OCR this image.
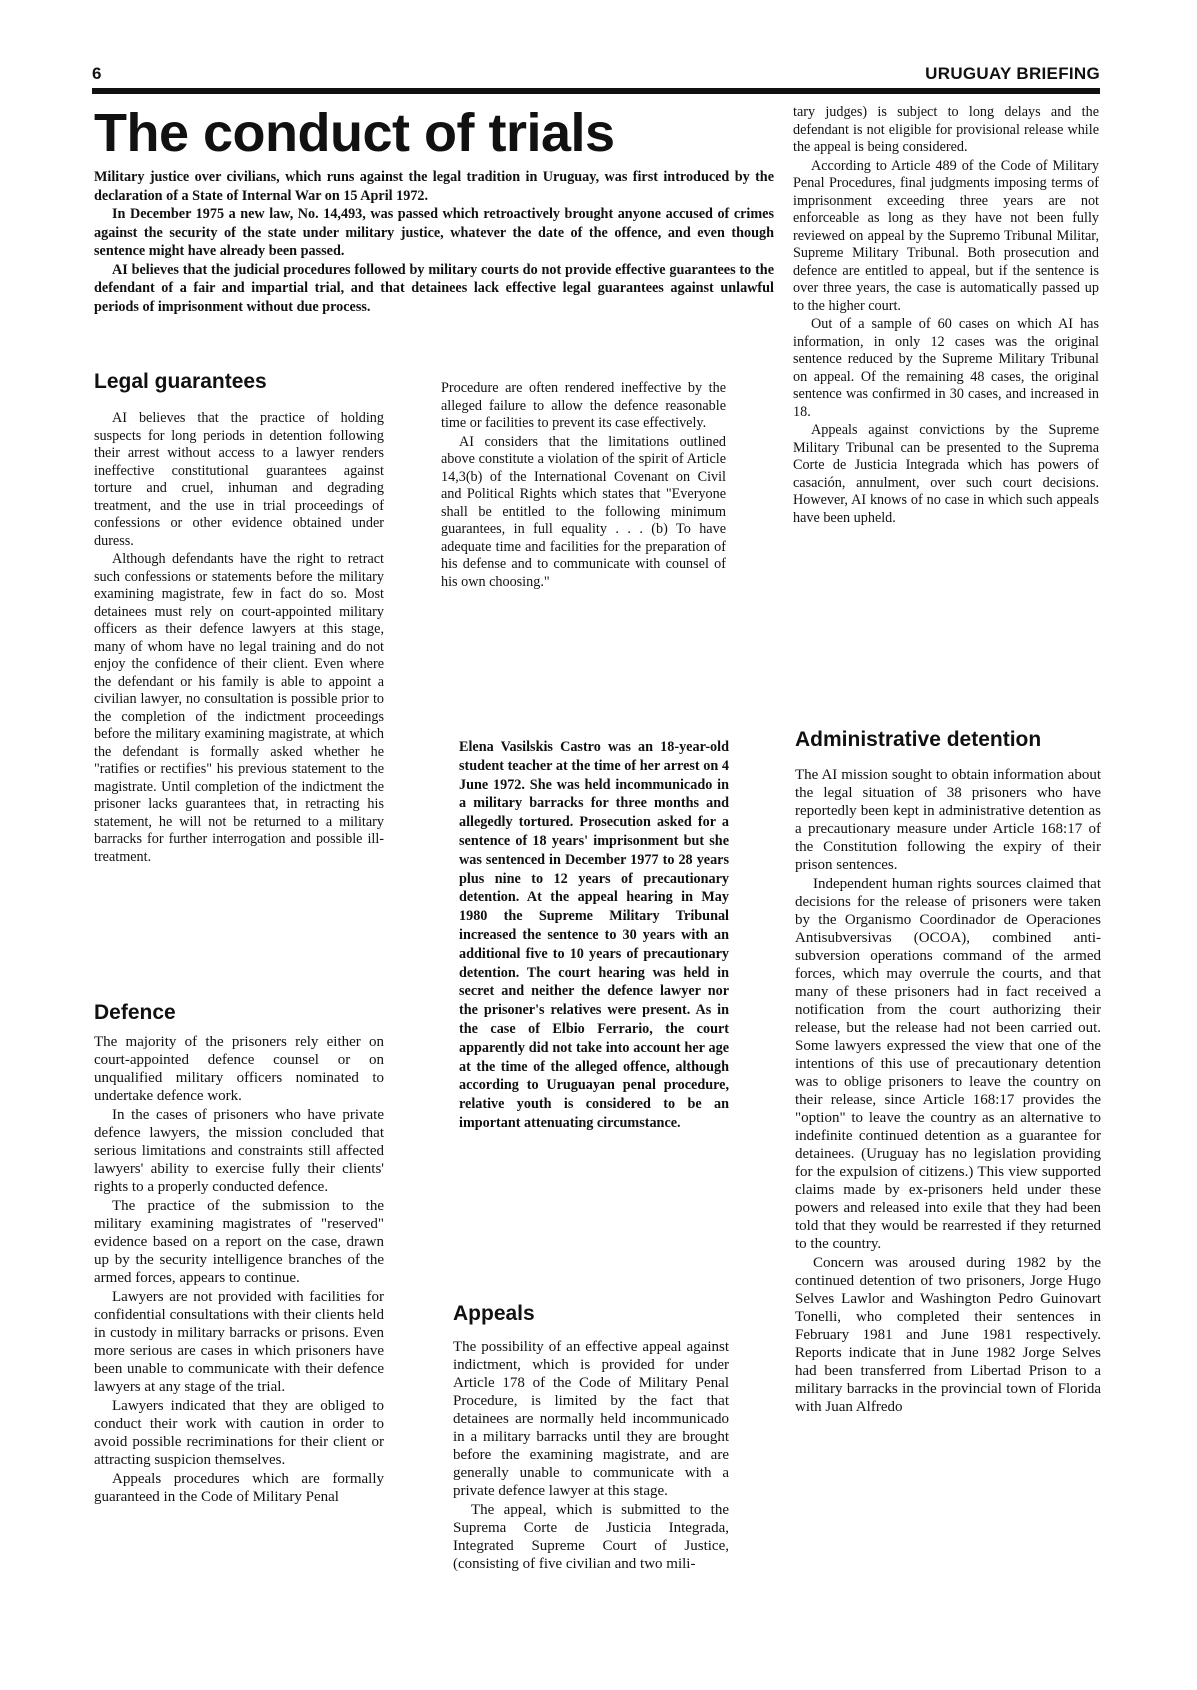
6	URUGUAY BRIEFING
The conduct of trials

Military justice over civilians, which runs against the legal tradition in Uruguay, was first introduced by the declaration of a State of Internal War on 15 April 1972.

In December 1975 a new law, No. 14,493, was passed which retroactively brought anyone accused of crimes against the security of the state under military justice, whatever the date of the offence, and even though sentence might have already been passed.

AI believes that the judicial procedures followed by military courts do not provide effective guarantees to the defendant of a fair and impartial trial, and that detainees lack effective legal guarantees against unlawful periods of imprisonment without due process.

Legal guarantees

AI believes that the practice of holding suspects for long periods in detention following their arrest without access to a lawyer renders ineffective constitutional guarantees against torture and cruel, inhuman and degrading treatment, and the use in trial proceedings of confessions or other evidence obtained under duress.

Although defendants have the right to retract such confessions or statements before the military examining magistrate, few in fact do so. Most detainees must rely on court-appointed military officers as their defence lawyers at this stage, many of whom have no legal training and do not enjoy the confidence of their client. Even where the defendant or his family is able to appoint a civilian lawyer, no consultation is possible prior to the completion of the indictment proceedings before the military examining magistrate, at which the defendant is formally asked whether he "ratifies or rectifies" his previous statement to the magistrate. Until completion of the indictment the prisoner lacks guarantees that, in retracting his statement, he will not be returned to a military barracks for further interrogation and possible ill-treatment.

Defence

The majority of the prisoners rely either on court-appointed defence counsel or on unqualified military officers nominated to undertake defence work.

In the cases of prisoners who have private defence lawyers, the mission concluded that serious limitations and constraints still affected lawyers' ability to exercise fully their clients' rights to a properly conducted defence.

The practice of the submission to the military examining magistrates of "reserved" evidence based on a report on the case, drawn up by the security intelligence branches of the armed forces, appears to continue.

Lawyers are not provided with facilities for confidential consultations with their clients held in custody in military barracks or prisons. Even more serious are cases in which prisoners have been unable to communicate with their defence lawyers at any stage of the trial.

Lawyers indicated that they are obliged to conduct their work with caution in order to avoid possible recriminations for their client or attracting suspicion themselves.

Appeals procedures which are formally guaranteed in the Code of Military Penal

Procedure are often rendered ineffective by the alleged failure to allow the defence reasonable time or facilities to prevent its case effectively.

AI considers that the limitations outlined above constitute a violation of the spirit of Article 14,3(b) of the International Covenant on Civil and Political Rights which states that "Everyone shall be entitled to the following minimum guarantees, in full equality . . . (b) To have adequate time and facilities for the preparation of his defense and to communicate with counsel of his own choosing."

Elena Vasilskis Castro was an 18-year-old student teacher at the time of her arrest on 4 June 1972. She was held incommunicado in a military barracks for three months and allegedly tortured. Prosecution asked for a sentence of 18 years' imprisonment but she was sentenced in December 1977 to 28 years plus nine to 12 years of precautionary detention. At the appeal hearing in May 1980 the Supreme Military Tribunal increased the sentence to 30 years with an additional five to 10 years of precautionary detention. The court hearing was held in secret and neither the defence lawyer nor the prisoner's relatives were present. As in the case of Elbio Ferrario, the court apparently did not take into account her age at the time of the alleged offence, although according to Uruguayan penal procedure, relative youth is considered to be an important attenuating circumstance.
Appeals

The possibility of an effective appeal against indictment, which is provided for under Article 178 of the Code of Military Penal Procedure, is limited by the fact that detainees are normally held incommunicado in a military barracks until they are brought before the examining magistrate, and are generally unable to communicate with a private defence lawyer at this stage.

The appeal, which is submitted to the Suprema Corte de Justicia Integrada, Integrated Supreme Court of Justice, (consisting of five civilian and two mili-

tary judges) is subject to long delays and the defendant is not eligible for provisional release while the appeal is being considered.

According to Article 489 of the Code of Military Penal Procedures, final judgments imposing terms of imprisonment exceeding three years are not enforceable as long as they have not been fully reviewed on appeal by the Supremo Tribunal Militar, Supreme Military Tribunal. Both prosecution and defence are entitled to appeal, but if the sentence is over three years, the case is automatically passed up to the higher court.

Out of a sample of 60 cases on which AI has information, in only 12 cases was the original sentence reduced by the Supreme Military Tribunal on appeal. Of the remaining 48 cases, the original sentence was confirmed in 30 cases, and increased in 18.

Appeals against convictions by the Supreme Military Tribunal can be presented to the Suprema Corte de Justicia Integrada which has powers of casación, annulment, over such court decisions. However, AI knows of no case in which such appeals have been upheld.

Administrative detention

The AI mission sought to obtain information about the legal situation of 38 prisoners who have reportedly been kept in administrative detention as a precautionary measure under Article 168:17 of the Constitution following the expiry of their prison sentences.

Independent human rights sources claimed that decisions for the release of prisoners were taken by the Organismo Coordinador de Operaciones Antisubversivas (OCOA), combined anti-subversion operations command of the armed forces, which may overrule the courts, and that many of these prisoners had in fact received a notification from the court authorizing their release, but the release had not been carried out. Some lawyers expressed the view that one of the intentions of this use of precautionary detention was to oblige prisoners to leave the country on their release, since Article 168:17 provides the "option" to leave the country as an alternative to indefinite continued detention as a guarantee for detainees. (Uruguay has no legislation providing for the expulsion of citizens.) This view supported claims made by ex-prisoners held under these powers and released into exile that they had been told that they would be rearrested if they returned to the country.

Concern was aroused during 1982 by the continued detention of two prisoners, Jorge Hugo Selves Lawlor and Washington Pedro Guinovart Tonelli, who completed their sentences in February 1981 and June 1981 respectively. Reports indicate that in June 1982 Jorge Selves had been transferred from Libertad Prison to a military barracks in the provincial town of Florida with Juan Alfredo
